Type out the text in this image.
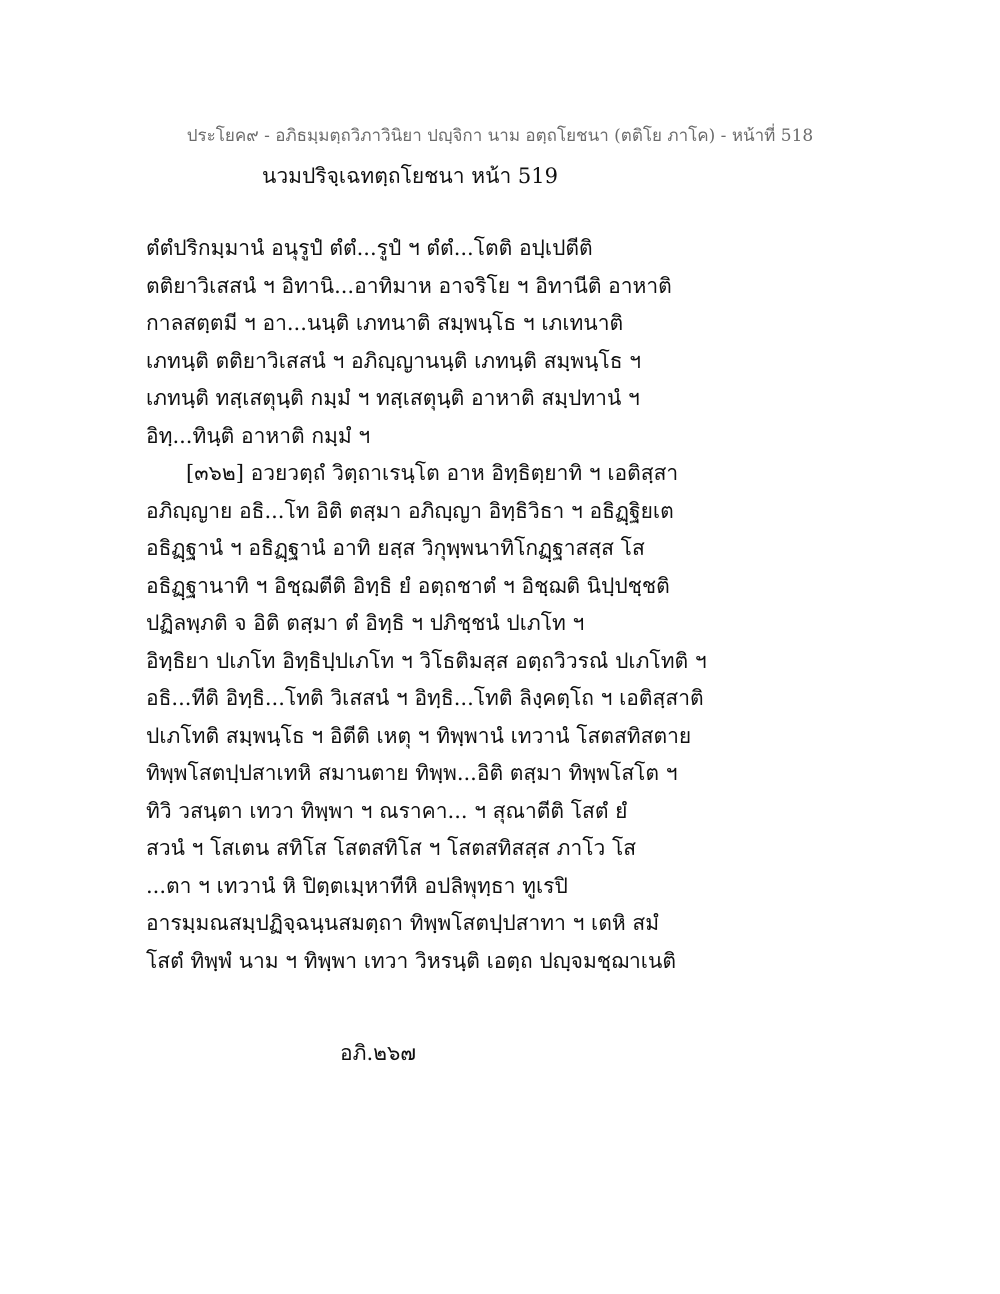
ประโยค๙ - อภิธมฺมตฺถวิภาวินิยา ปญฺจิกา นาม อตฺถโยชนา (ตติโย ภาโค) - หน้าที่ 518
นวมปริจฺเฉทตฺถโยชนา หน้า 519
ตํตํปริกมฺมานํ อนุรูปํ ตํตํ...รูปํ ฯ ตํตํ...โตติ อปฺเปตีติ
ตติยาวิเสสนํ ฯ อิทานิ...อาทิมาห อาจริโย ฯ อิทานีติ อาหาติ
กาลสตฺตมี ฯ อา...นนฺติ เภทนาติ สมฺพนฺโธ ฯ เภเทนาติ
เภทนฺติ ตติยาวิเสสนํ ฯ อภิญฺญานนฺติ เภทนฺติ สมฺพนฺโธ ฯ
เภทนฺติ ทสฺเสตุนฺติ กมฺมํ ฯ ทสฺเสตุนฺติ อาหาติ สมฺปทานํ ฯ
อิทฺ...ทินฺติ อาหาติ กมฺมํ ฯ
[๓๖๒] อวยวตฺถํ วิตฺถาเรนฺโต อาห อิทฺธิตฺยาทิ ฯ เอติสฺสา
อภิญฺญาย อธิ...โท อิติ ตสฺมา อภิญฺญา อิทฺธิวิธา ฯ อธิฏฺฐิยเต
อธิฏฺฐานํ ฯ อธิฏฺฐานํ อาทิ ยสฺส วิกุพฺพนาทิโกฏฺฐาสสฺส โส
อธิฏฺฐานาทิ ฯ อิชฺฌตีติ อิทฺธิ ยํ อตฺถชาตํ ฯ อิชฺฌติ นิปฺปชฺชติ
ปฏิลพฺภติ จ อิติ ตสฺมา ตํ อิทฺธิ ฯ ปภิชฺชนํ ปเภโท ฯ
อิทฺธิยา ปเภโท อิทฺธิปฺปเภโท ฯ วิโธติมสฺส อตฺถวิวรณํ ปเภโทติ ฯ
อธิ...ทีติ อิทฺธิ...โทติ วิเสสนํ ฯ อิทฺธิ...โทติ ลิงฺคตฺโถ ฯ เอติสฺสาติ
ปเภโทติ สมฺพนฺโธ ฯ อิตีติ เหตุ ฯ ทิพฺพานํ เทวานํ โสตสทิสตาย
ทิพฺพโสตปฺปสาเทหิ สมานตาย ทิพฺพ...อิติ ตสฺมา ทิพฺพโสโต ฯ
ทิวิ วสนฺตา เทวา ทิพฺพา ฯ ณราคา... ฯ สุณาตีติ โสตํ ยํ
สวนํ ฯ โสเตน สทิโส โสตสทิโส ฯ โสตสทิสสฺส ภาโว โส
...ตา ฯ เทวานํ หิ ปิตฺตเมฺหาทีหิ อปลิพุทฺธา ทูเรปิ
อารมฺมณสมฺปฏิจฺฉนฺนสมตฺถา ทิพฺพโสตปฺปสาทา ฯ เตหิ สมํ
โสตํ ทิพฺพํ นาม ฯ ทิพฺพา เทวา วิหรนฺติ เอตฺถ ปญฺจมชฺฌาเนติ
อภิ.๒๖๗
